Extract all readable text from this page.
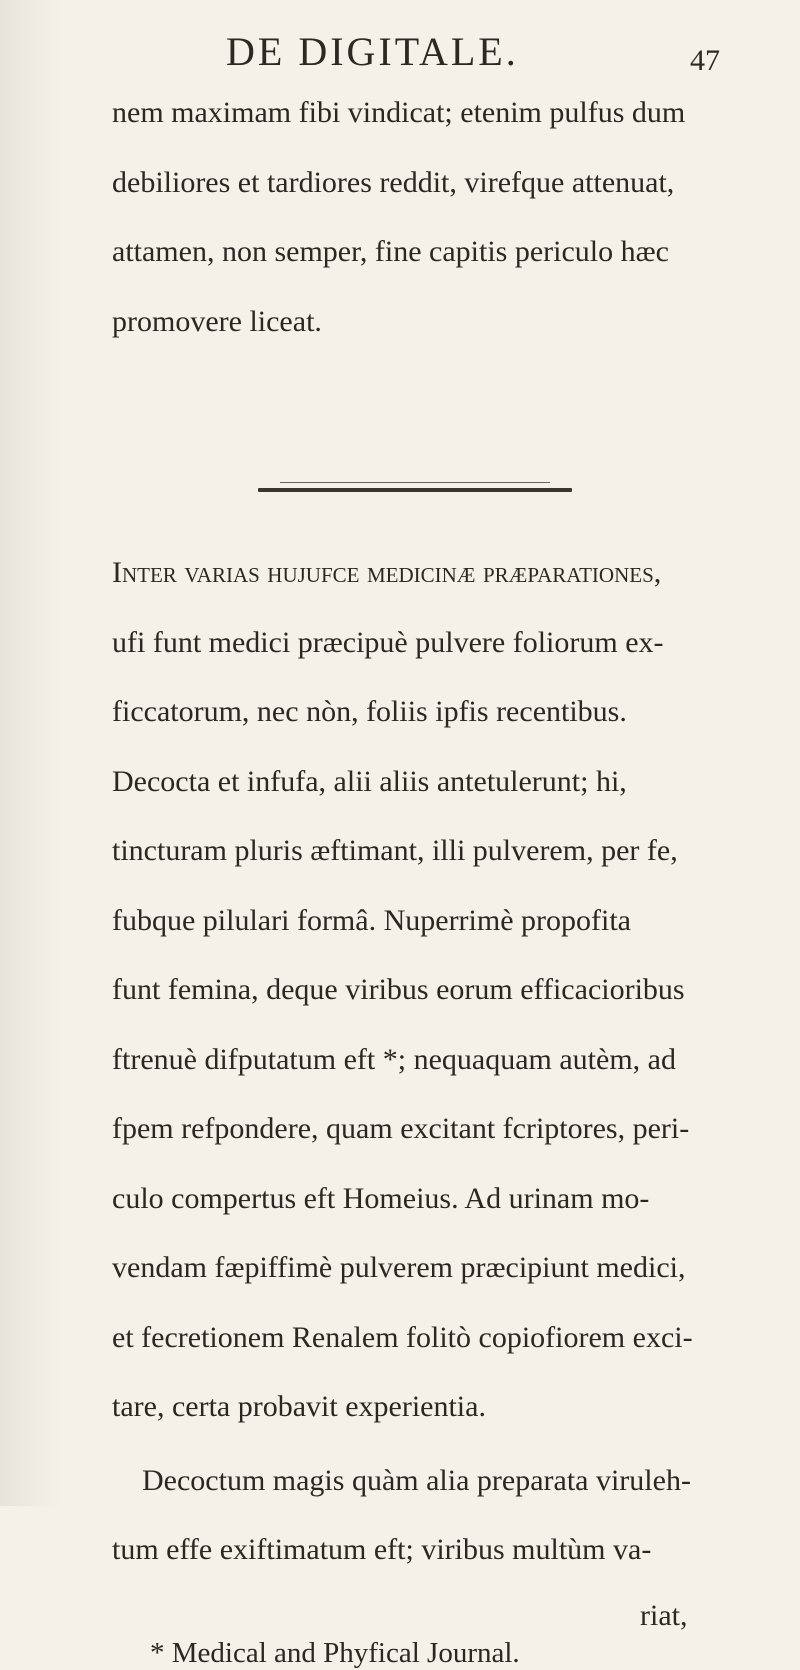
DE DIGITALE.	47
riat,
* Medical and Phyfical Journal.
nem maximam fibi vindicat; etenim pulfus dum
debiliores et tardiores reddit, virefque attenuat,
attamen, non semper, fine capitis periculo hæc
promovere liceat.
Inter varias hujufce medicinæ præparationes,
ufi funt medici præcipuè pulvere foliorum ex-
ficcatorum, nec nòn, foliis ipfis recentibus.
Decocta et infufa, alii aliis antetulerunt; hi,
tincturam pluris æftimant, illi pulverem, per fe,
fubque pilulari formâ. Nuperrimè propofita
funt femina, deque viribus eorum efficacioribus
ftrenuè difputatum eft *; nequaquam autèm, ad
fpem refpondere, quam excitant fcriptores, peri-
culo compertus eft Homeius. Ad urinam mo-
vendam fæpiffimè pulverem præcipiunt medici,
et fecretionem Renalem folitò copiofiorem exci-
tare, certa probavit experientia.
Decoctum magis quàm alia preparata viruleh-
tum effe exiftimatum eft; viribus multùm va-
